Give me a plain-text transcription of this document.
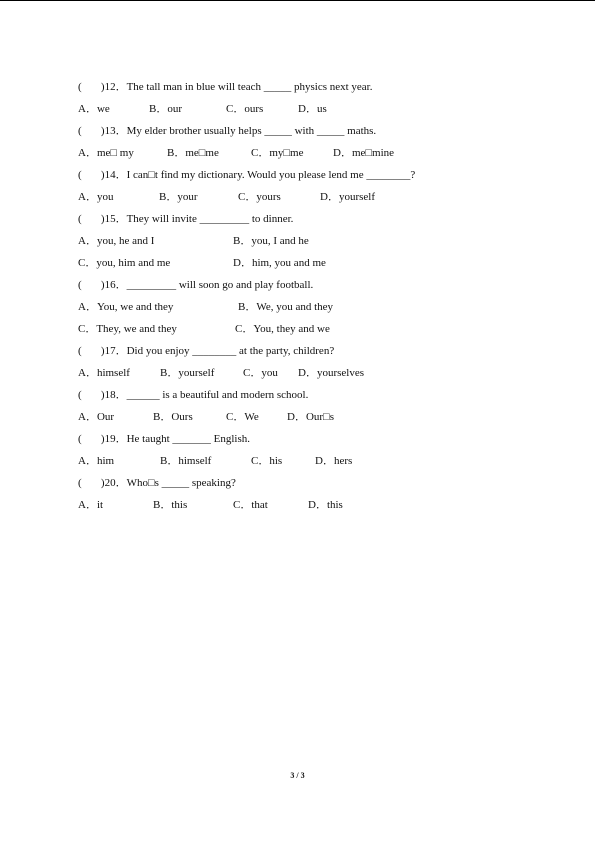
(       )12．The tall man in blue will teach _____ physics next year.
A．we	B．our	C．ours	D．us
(       )13．My elder brother usually helps _____ with _____ maths.
A．me□ my	B．me□me	C．my□me	D．me□mine
(       )14．I can□t find my dictionary. Would you please lend me ________?
A．you	B．your	C．yours	D．yourself
(       )15．They will invite _________ to dinner.
A．you, he and I	B．you, I and he
C．you, him and me	D．him, you and me
(       )16．_________ will soon go and play football.
A．You, we and they	B．We, you and they
C．They, we and they	C．You, they and we
(       )17．Did you enjoy ________ at the party, children?
A．himself	B．yourself	C．you D．yourselves
(       )18．______ is a beautiful and modern school.
A．Our	B．Ours	C．We	D．Our□s
(       )19．He taught _______ English.
A．him	B．himself	C．his	D．hers
(       )20．Who□s _____ speaking?
A．it	B．this	C．that	D．this
3 / 3
